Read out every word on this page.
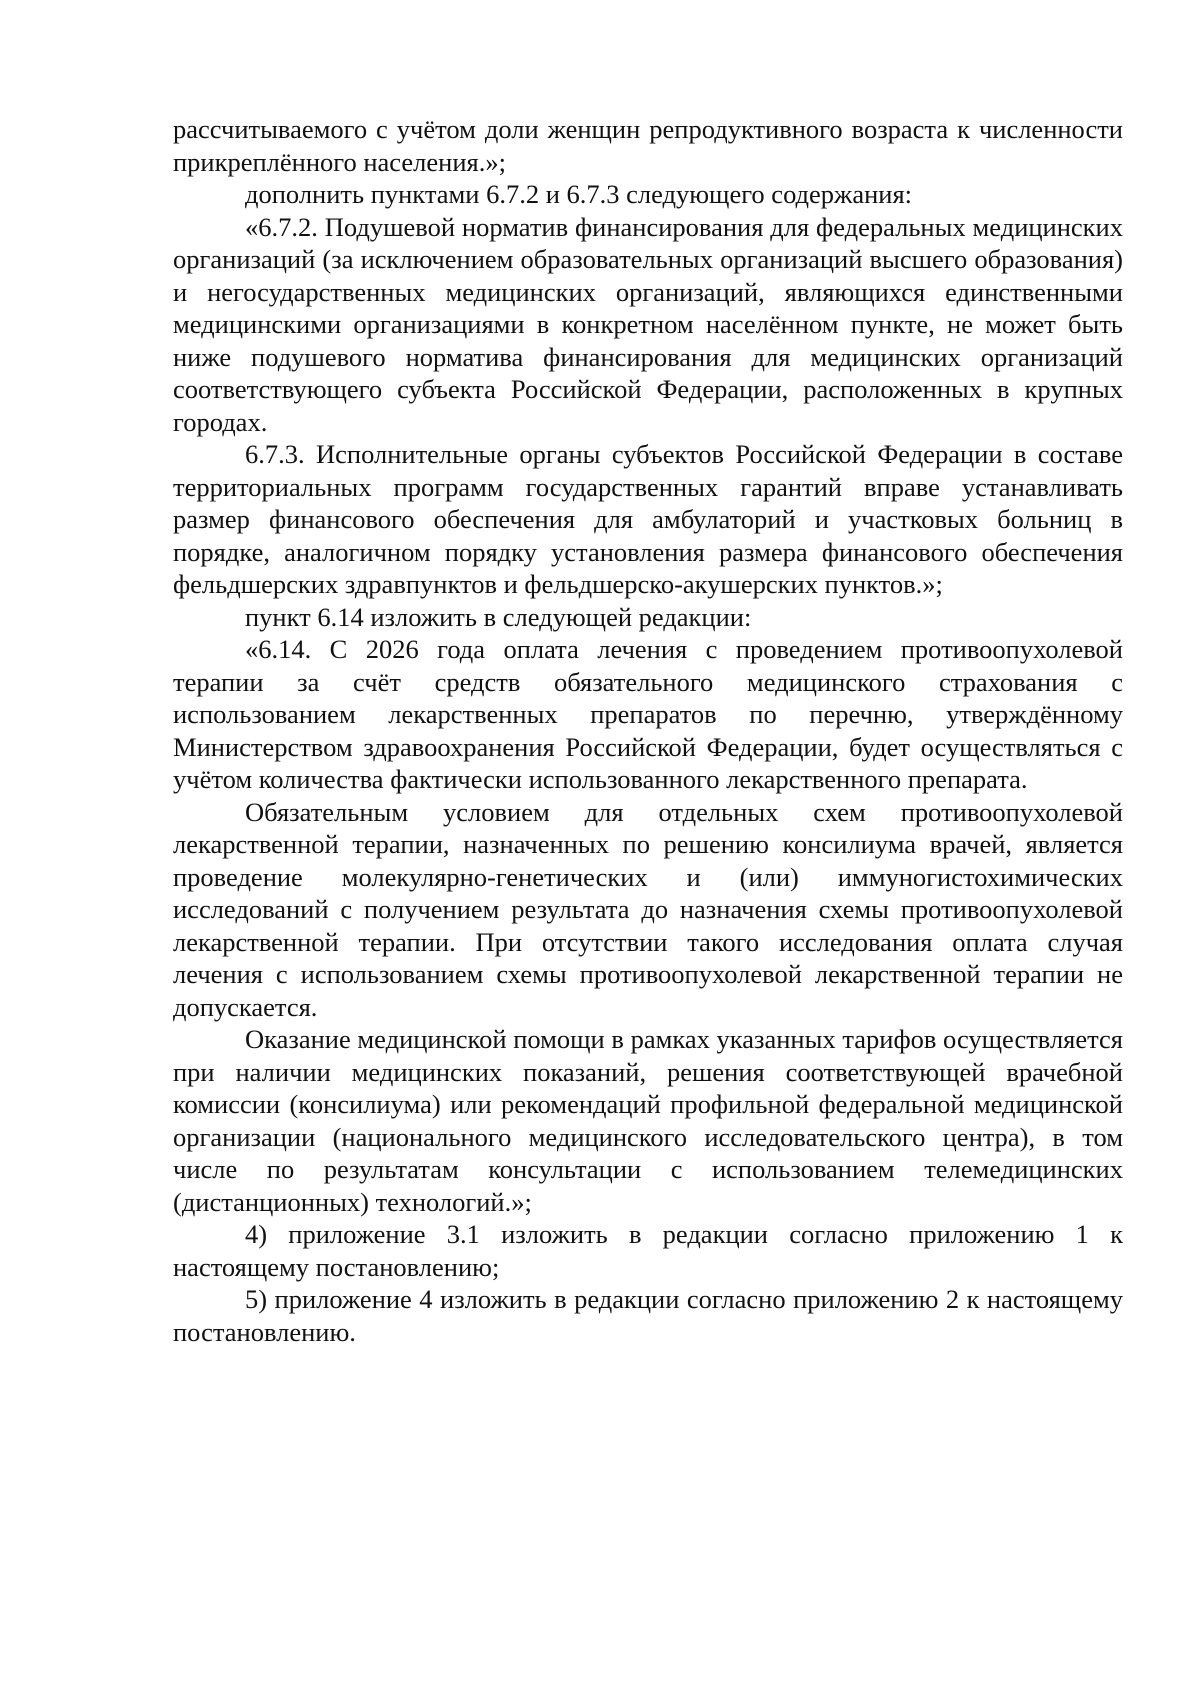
рассчитываемого с учётом доли женщин репродуктивного возраста к численности прикреплённого населения.»;

дополнить пунктами 6.7.2 и 6.7.3 следующего содержания:

«6.7.2. Подушевой норматив финансирования для федеральных медицинских организаций (за исключением образовательных организаций высшего образования) и негосударственных медицинских организаций, являющихся единственными медицинскими организациями в конкретном населённом пункте, не может быть ниже подушевого норматива финансирования для медицинских организаций соответствующего субъекта Российской Федерации, расположенных в крупных городах.

6.7.3. Исполнительные органы субъектов Российской Федерации в составе территориальных программ государственных гарантий вправе устанавливать размер финансового обеспечения для амбулаторий и участковых больниц в порядке, аналогичном порядку установления размера финансового обеспечения фельдшерских здравпунктов и фельдшерско-акушерских пунктов.»;

пункт 6.14 изложить в следующей редакции:

«6.14. С 2026 года оплата лечения с проведением противоопухолевой терапии за счёт средств обязательного медицинского страхования с использованием лекарственных препаратов по перечню, утверждённому Министерством здравоохранения Российской Федерации, будет осуществляться с учётом количества фактически использованного лекарственного препарата.

Обязательным условием для отдельных схем противоопухолевой лекарственной терапии, назначенных по решению консилиума врачей, является проведение молекулярно-генетических и (или) иммуногистохимических исследований с получением результата до назначения схемы противоопухолевой лекарственной терапии. При отсутствии такого исследования оплата случая лечения с использованием схемы противоопухолевой лекарственной терапии не допускается.

Оказание медицинской помощи в рамках указанных тарифов осуществляется при наличии медицинских показаний, решения соответствующей врачебной комиссии (консилиума) или рекомендаций профильной федеральной медицинской организации (национального медицинского исследовательского центра), в том числе по результатам консультации с использованием телемедицинских (дистанционных) технологий.»;

4) приложение 3.1 изложить в редакции согласно приложению 1 к настоящему постановлению;

5) приложение 4 изложить в редакции согласно приложению 2 к настоящему постановлению.
